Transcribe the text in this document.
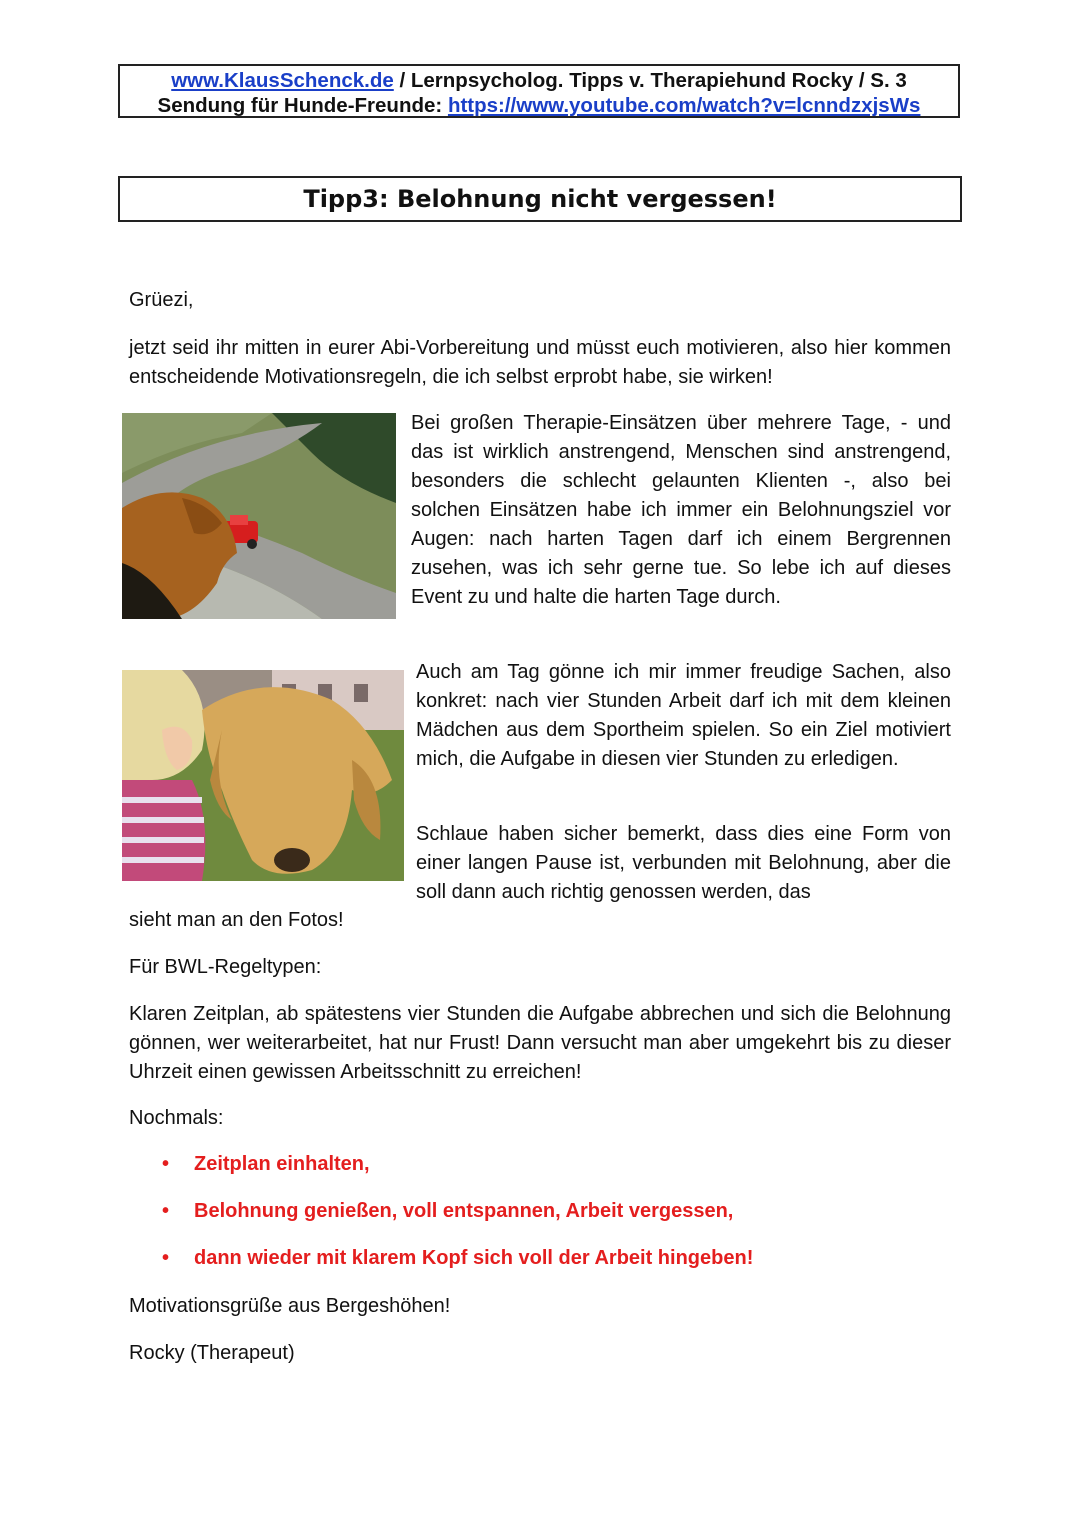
www.KlausSchenck.de / Lernpsycholog. Tipps v. Therapiehund Rocky / S. 3
Sendung für Hunde-Freunde: https://www.youtube.com/watch?v=lcnndzxjsWs
Tipp3: Belohnung nicht vergessen!

Grüezi,

jetzt seid ihr mitten in eurer Abi-Vorbereitung und müsst euch motivieren, also hier kommen entscheidende Motivationsregeln, die ich selbst erprobt habe, sie wirken!

Bei großen Therapie-Einsätzen über mehrere Tage, - und das ist wirklich anstrengend, Menschen sind anstrengend, besonders die schlecht gelaunten Klienten -, also bei solchen Einsätzen habe ich immer ein Belohnungsziel vor Augen: nach harten Tagen darf ich einem Bergrennen zusehen, was ich sehr gerne tue. So lebe ich auf dieses Event zu und halte die harten Tage durch.

Auch am Tag gönne ich mir immer freudige Sachen, also konkret: nach vier Stunden Arbeit darf ich mit dem kleinen Mädchen aus dem Sportheim spielen. So ein Ziel motiviert mich, die Aufgabe in diesen vier Stunden zu erledigen.

Schlaue haben sicher bemerkt, dass dies eine Form von einer langen Pause ist, verbunden mit Belohnung, aber die soll dann auch richtig genossen werden, das

sieht man an den Fotos!

Für BWL-Regeltypen:

Klaren Zeitplan, ab spätestens vier Stunden die Aufgabe abbrechen und sich die Belohnung gönnen, wer weiterarbeitet, hat nur Frust! Dann versucht man aber umgekehrt bis zu dieser Uhrzeit einen gewissen Arbeitsschnitt zu erreichen!

Nochmals:

• Zeitplan einhalten,
• Belohnung genießen, voll entspannen, Arbeit vergessen,
• dann wieder mit klarem Kopf sich voll der Arbeit hingeben!

Motivationsgrüße aus Bergeshöhen!

Rocky (Therapeut)
